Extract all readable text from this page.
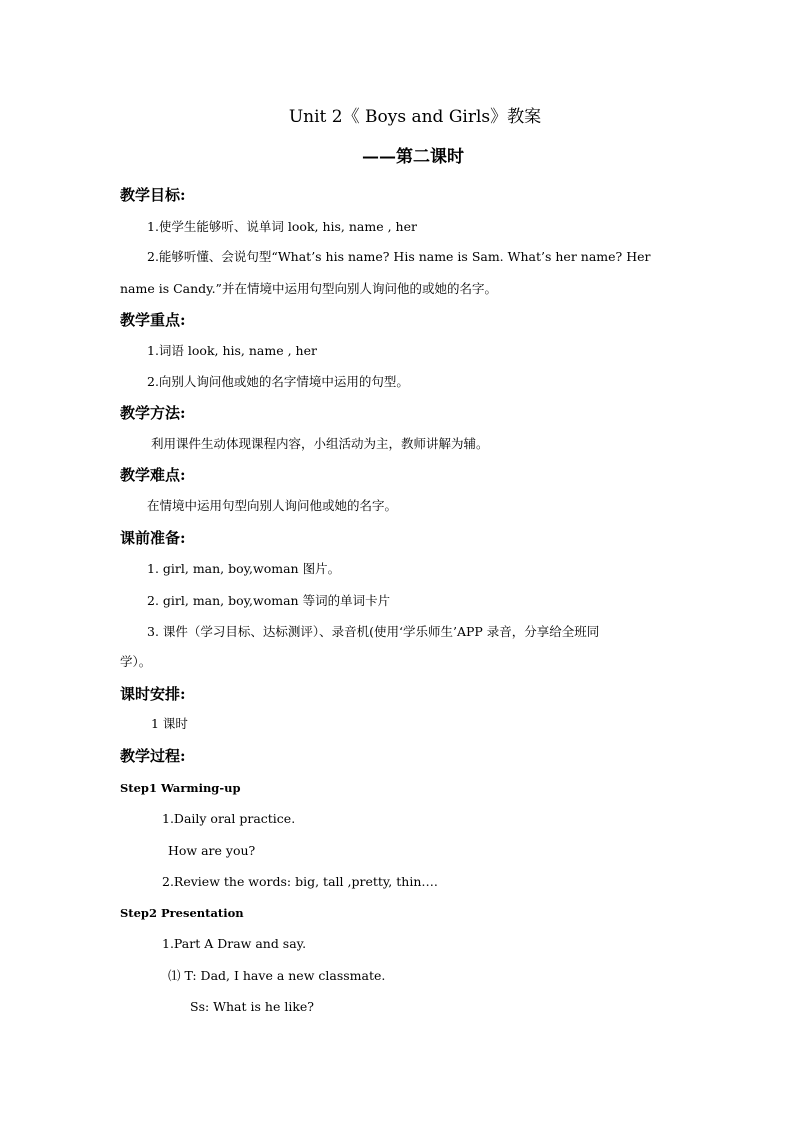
Unit 2《 Boys and Girls》教案
——第二课时
教学目标:
1.使学生能够听、说单词 look, his, name , her
2.能够听懂、会说句型“What’s his name? His name is Sam. What’s her name? Her
name is Candy.”并在情境中运用句型向别人询问他的或她的名字。
教学重点:
1.词语 look, his, name , her
2.向别人询问他或她的名字情境中运用的句型。
教学方法:
利用课件生动体现课程内容，小组活动为主，教师讲解为辅。
教学难点:
在情境中运用句型向别人询问他或她的名字。
课前准备:
1. girl, man, boy,woman 图片。
2. girl, man, boy,woman 等词的单词卡片
3. 课件（学习目标、达标测评）、录音机(使用‘学乐师生’APP 录音，分享给全班同
学）。
课时安排:
1 课时
教学过程:
Step1 Warming-up
1.Daily oral practice.
How are you?
2.Review the words: big, tall ,pretty, thin….
Step2 Presentation
1.Part A Draw and say.
⑴ T: Dad, I have a new classmate.
Ss: What is he like?
